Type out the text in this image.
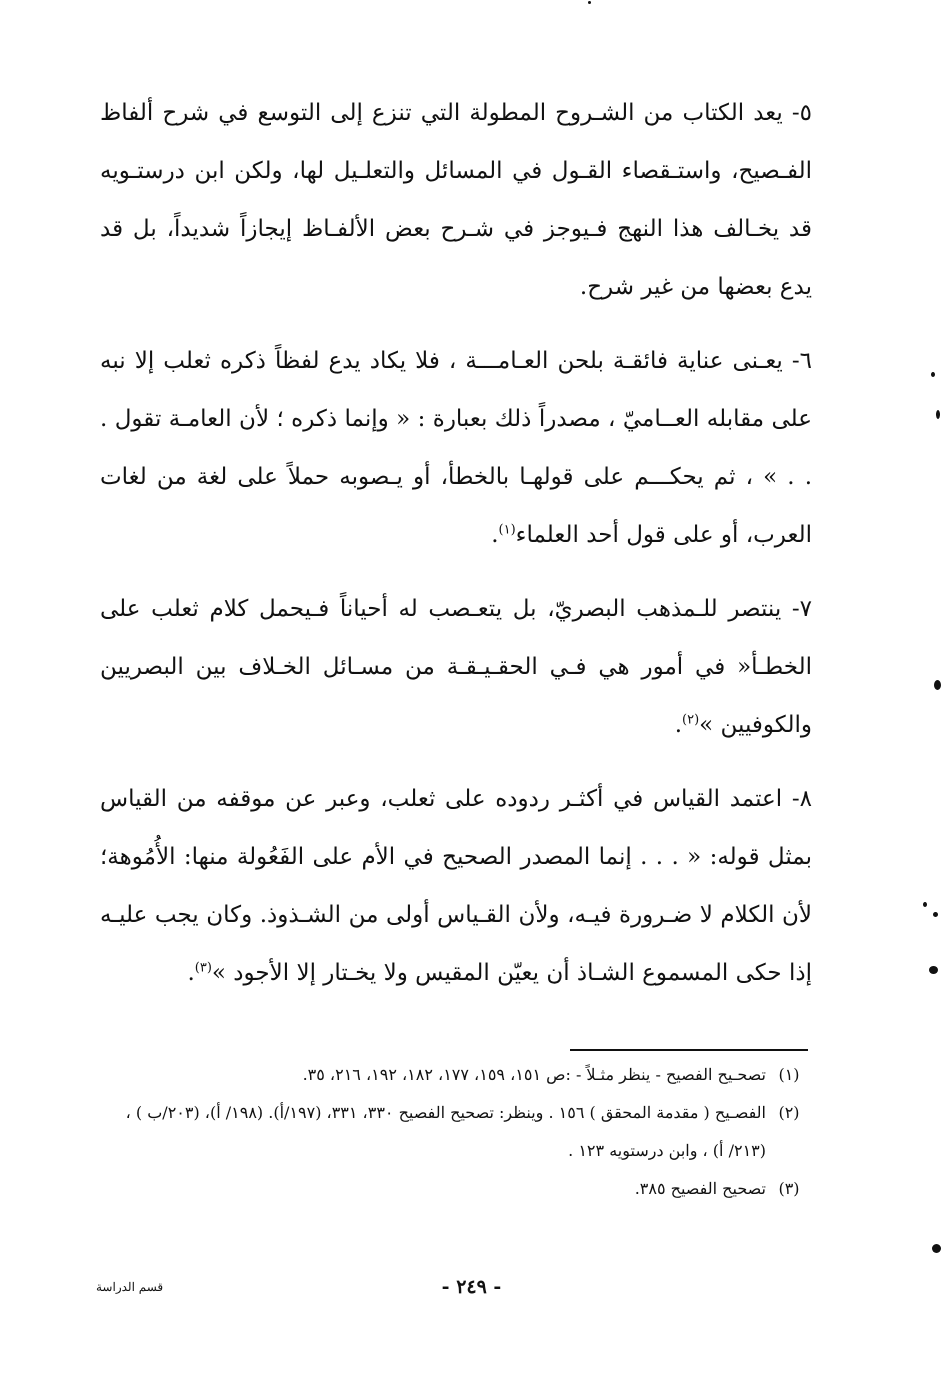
٥- يعد الكتاب من الشـروح المطولة التي تنزع إلى التوسع في شرح ألفاظ الفـصيح، واستـقصاء القـول في المسائل والتعلـيل لها، ولكن ابن درستـويه قد يخـالف هذا النهج فـيوجز في شـرح بعض الألفـاظ إيجازاً شديداً، بل قد يدع بعضها من غير شرح.

٦- يعـنى عناية فائقـة بلحن العـامـــة ، فلا يكاد يدع لفظاً ذكره ثعلب إلا نبه على مقابله العــاميّ ، مصدراً ذلك بعبارة : « وإنما ذكره ؛ لأن العامـة تقول . . . » ، ثم يحكـــم على قولهـا بالخطأ، أو يـصوبه حملاً على لغة من لغات العرب، أو على قول أحد العلماء$^{(١)}$.

٧- ينتصر للـمذهب البصريّ، بل يتعـصب له أحياناً فـيحمل كلام ثعلب على الخطـأ« في أمور هي فـي الحقـيـقـة من مسـائل الخـلاف بين البصريين والكوفيين »$^{(٢)}$.

٨- اعتمد القياس في أكثـر ردوده على ثعلب، وعبر عن موقفه من القياس بمثل قوله: « . . . إنما المصدر الصحيح في الأم على الفَعُولة منها: الأُمُوهة؛ لأن الكلام لا ضـرورة فيـه، ولأن القـياس أولى من الشـذوذ. وكان يجب عليـه إذا حكى المسموع الشـاذ أن يعيّن المقيس ولا يخـتار إلا الأجود »$^{(٣)}$.

(١)
تصحـيح الفصيح - ينظر مثـلاً - :ص ١٥١، ١٥٩، ١٧٧، ١٨٢، ١٩٢، ٢١٦، ٣٥.
(٢)
الفصـيح ( مقدمة المحقق ) ١٥٦ . وينظر: تصحيح الفصيح ٣٣٠، ٣٣١، (١٩٧/أ). (١٩٨/ أ)، (٢٠٣/ب ) ، (٢١٣/ أ) ، وابن درستويه ١٢٣ .
(٣)
تصحيح الفصيح ٣٨٥.
- ٢٤٩ -
قسم الدراسة
